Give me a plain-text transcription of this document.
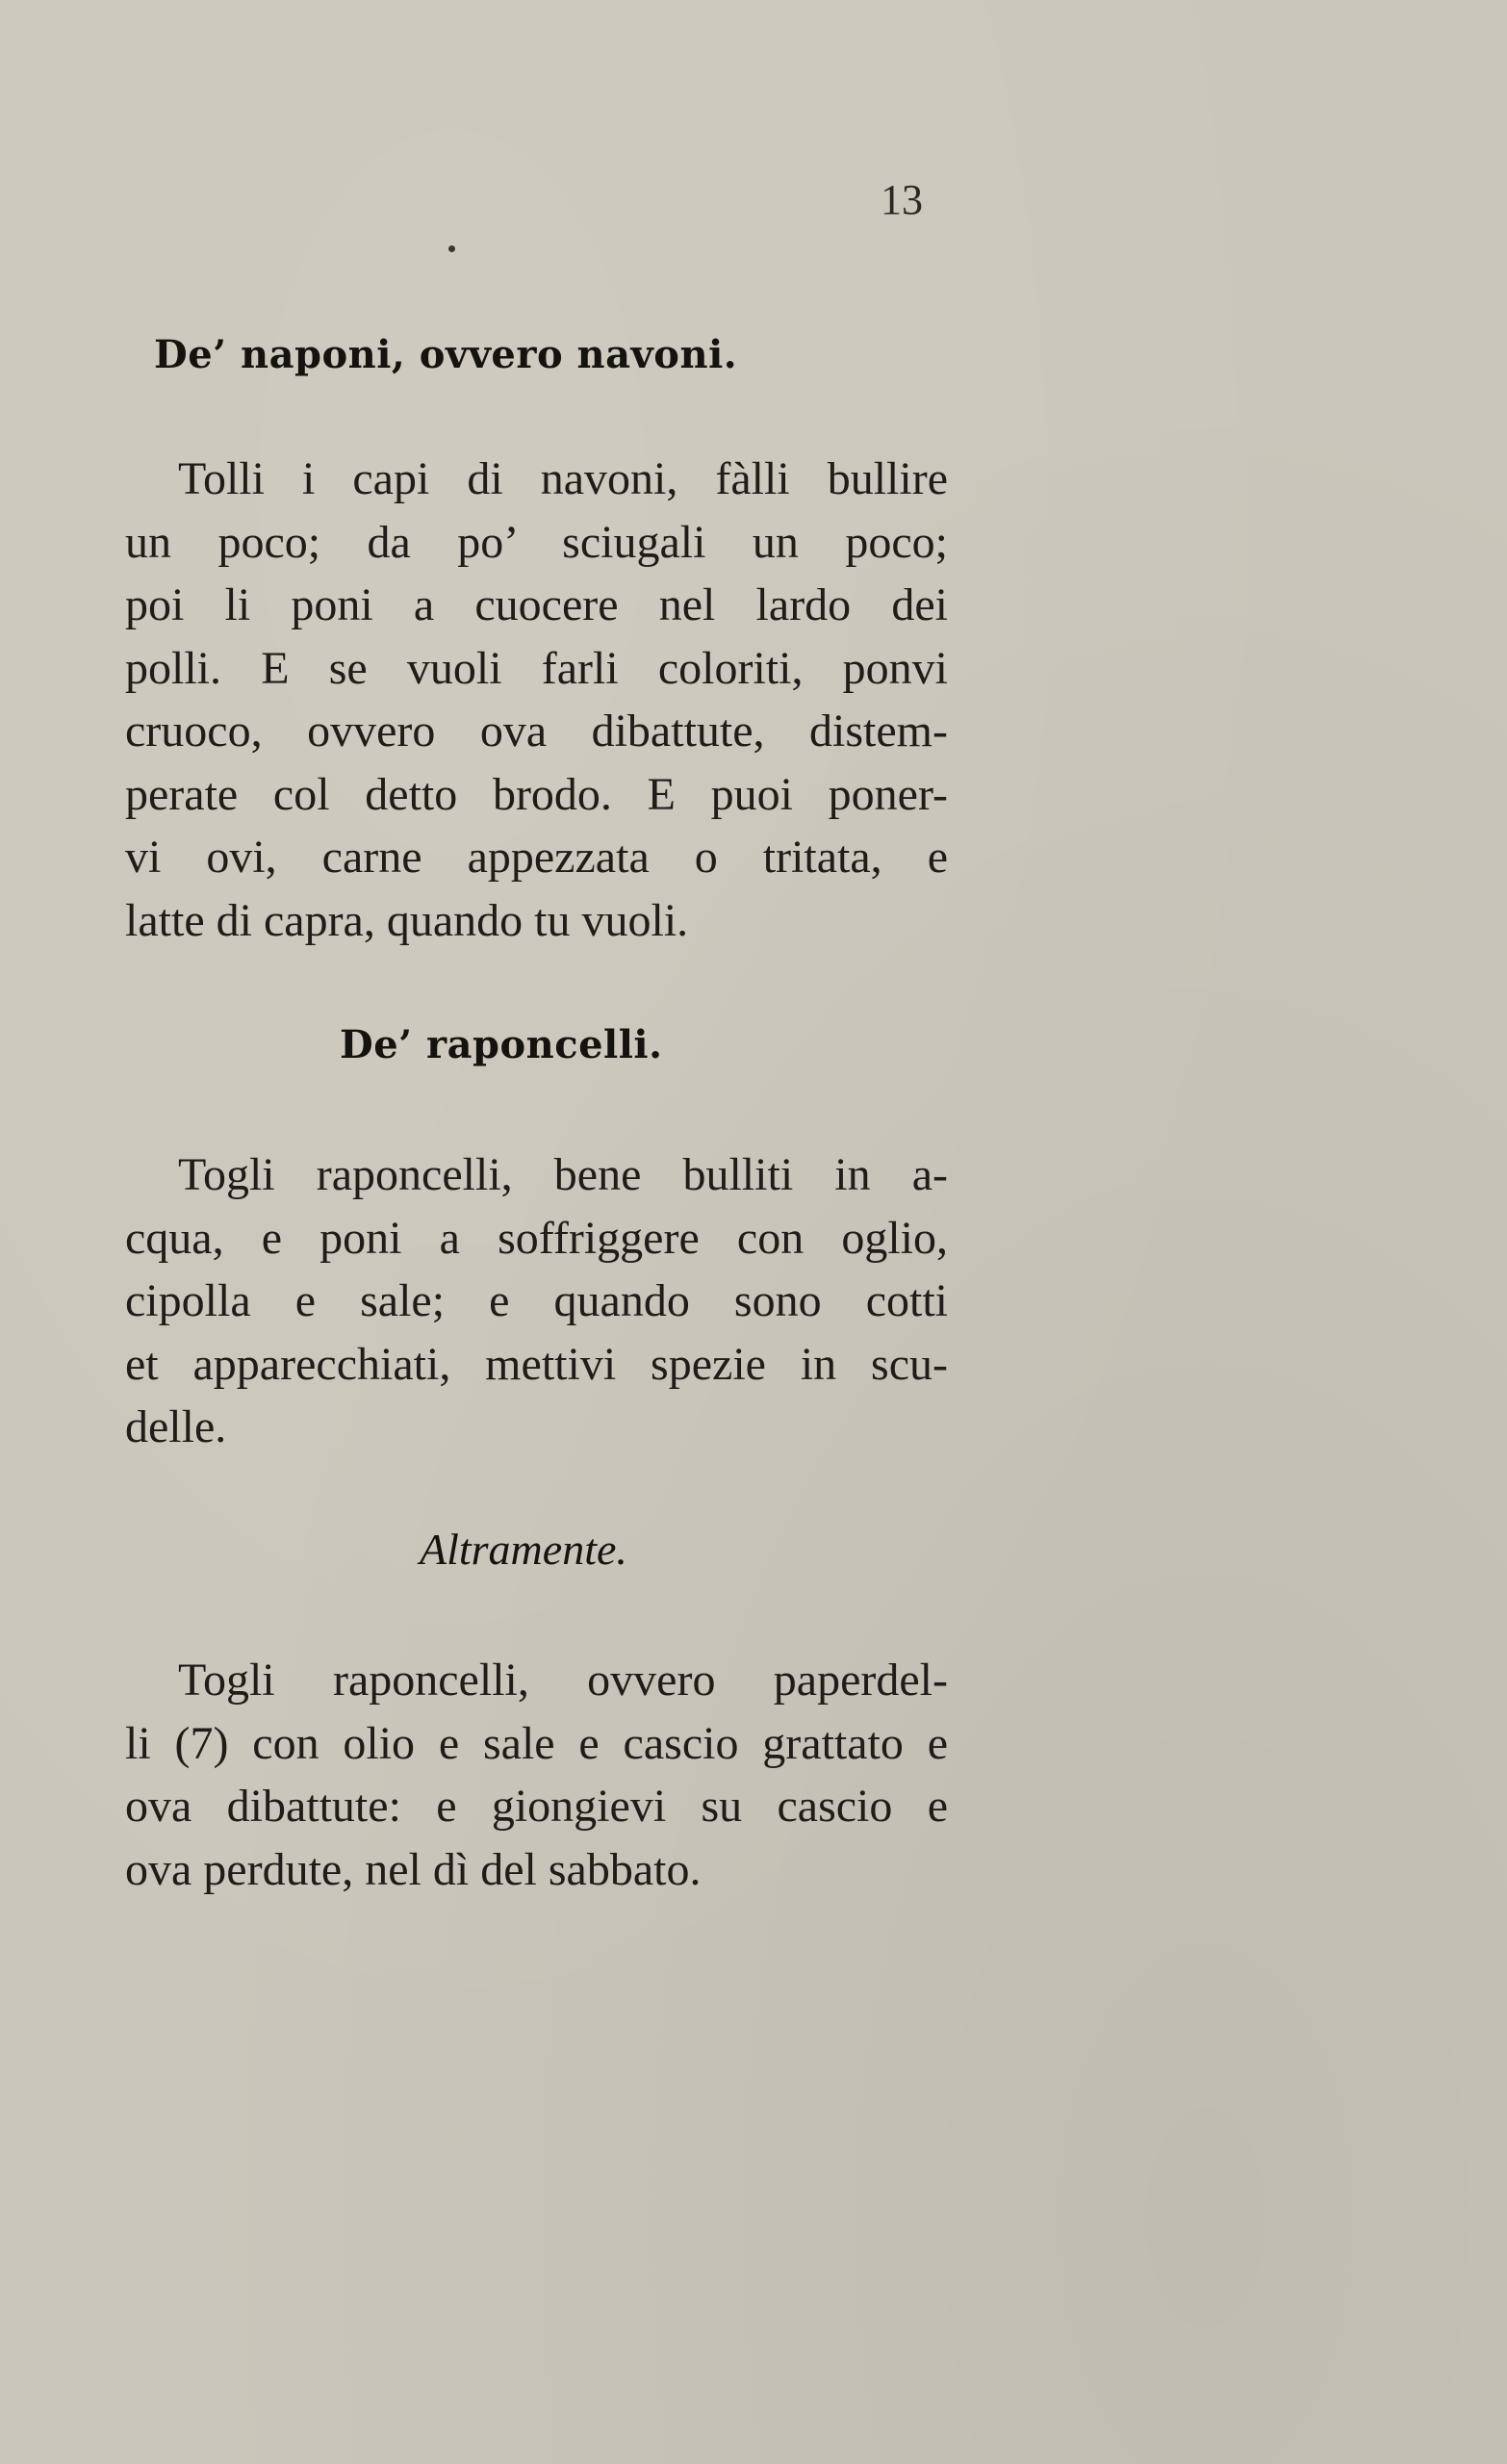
13
De’ naponi, ovvero navoni.
Tolli i capi di navoni, fàlli bullire
un poco; da po’ sciugali un poco;
poi li poni a cuocere nel lardo dei
polli. E se vuoli farli coloriti, ponvi
cruoco, ovvero ova dibattute, distem-
perate col detto brodo. E puoi poner-
vi ovi, carne appezzata o tritata, e
latte di capra, quando tu vuoli.
De’ raponcelli.
Togli raponcelli, bene bulliti in a-
cqua, e poni a soffriggere con oglio,
cipolla e sale; e quando sono cotti
et apparecchiati, mettivi spezie in scu-
delle.
Altramente.
Togli raponcelli, ovvero paperdel-
li (7) con olio e sale e cascio grattato e
ova dibattute: e giongievi su cascio e
ova perdute, nel dì del sabbato.
